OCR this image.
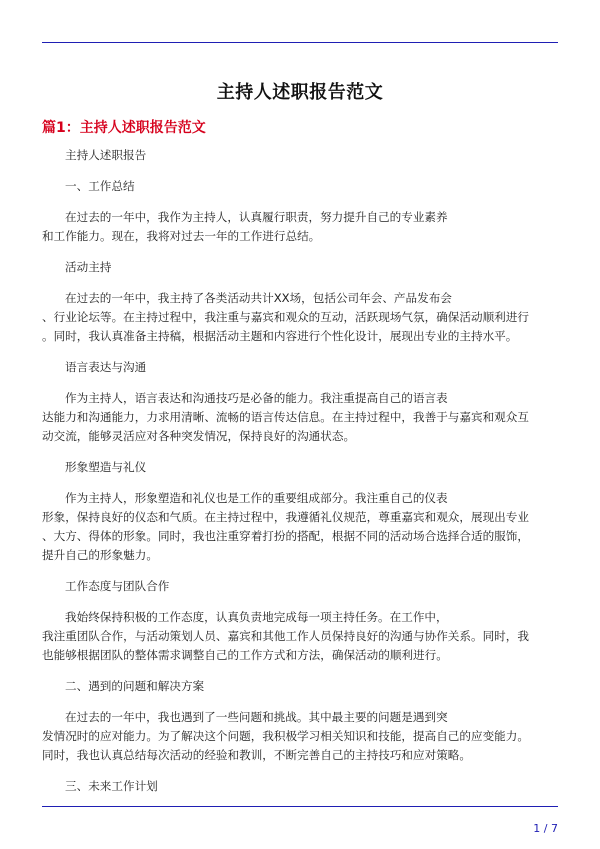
主持人述职报告范文
篇1：主持人述职报告范文

主持人述职报告

一、工作总结

在过去的一年中，我作为主持人，认真履行职责，努力提升自己的专业素养
和工作能力。现在，我将对过去一年的工作进行总结。

活动主持

在过去的一年中，我主持了各类活动共计XX场，包括公司年会、产品发布会
、行业论坛等。在主持过程中，我注重与嘉宾和观众的互动，活跃现场气氛，确保活动顺利进行
。同时，我认真准备主持稿，根据活动主题和内容进行个性化设计，展现出专业的主持水平。

语言表达与沟通

作为主持人，语言表达和沟通技巧是必备的能力。我注重提高自己的语言表
达能力和沟通能力，力求用清晰、流畅的语言传达信息。在主持过程中，我善于与嘉宾和观众互
动交流，能够灵活应对各种突发情况，保持良好的沟通状态。

形象塑造与礼仪

作为主持人，形象塑造和礼仪也是工作的重要组成部分。我注重自己的仪表
形象，保持良好的仪态和气质。在主持过程中，我遵循礼仪规范，尊重嘉宾和观众，展现出专业
、大方、得体的形象。同时，我也注重穿着打扮的搭配，根据不同的活动场合选择合适的服饰，
提升自己的形象魅力。

工作态度与团队合作

我始终保持积极的工作态度，认真负责地完成每一项主持任务。在工作中，
我注重团队合作，与活动策划人员、嘉宾和其他工作人员保持良好的沟通与协作关系。同时，我
也能够根据团队的整体需求调整自己的工作方式和方法，确保活动的顺利进行。

二、遇到的问题和解决方案

在过去的一年中，我也遇到了一些问题和挑战。其中最主要的问题是遇到突
发情况时的应对能力。为了解决这个问题，我积极学习相关知识和技能，提高自己的应变能力。
同时，我也认真总结每次活动的经验和教训，不断完善自己的主持技巧和应对策略。

三、未来工作计划

1 / 7
